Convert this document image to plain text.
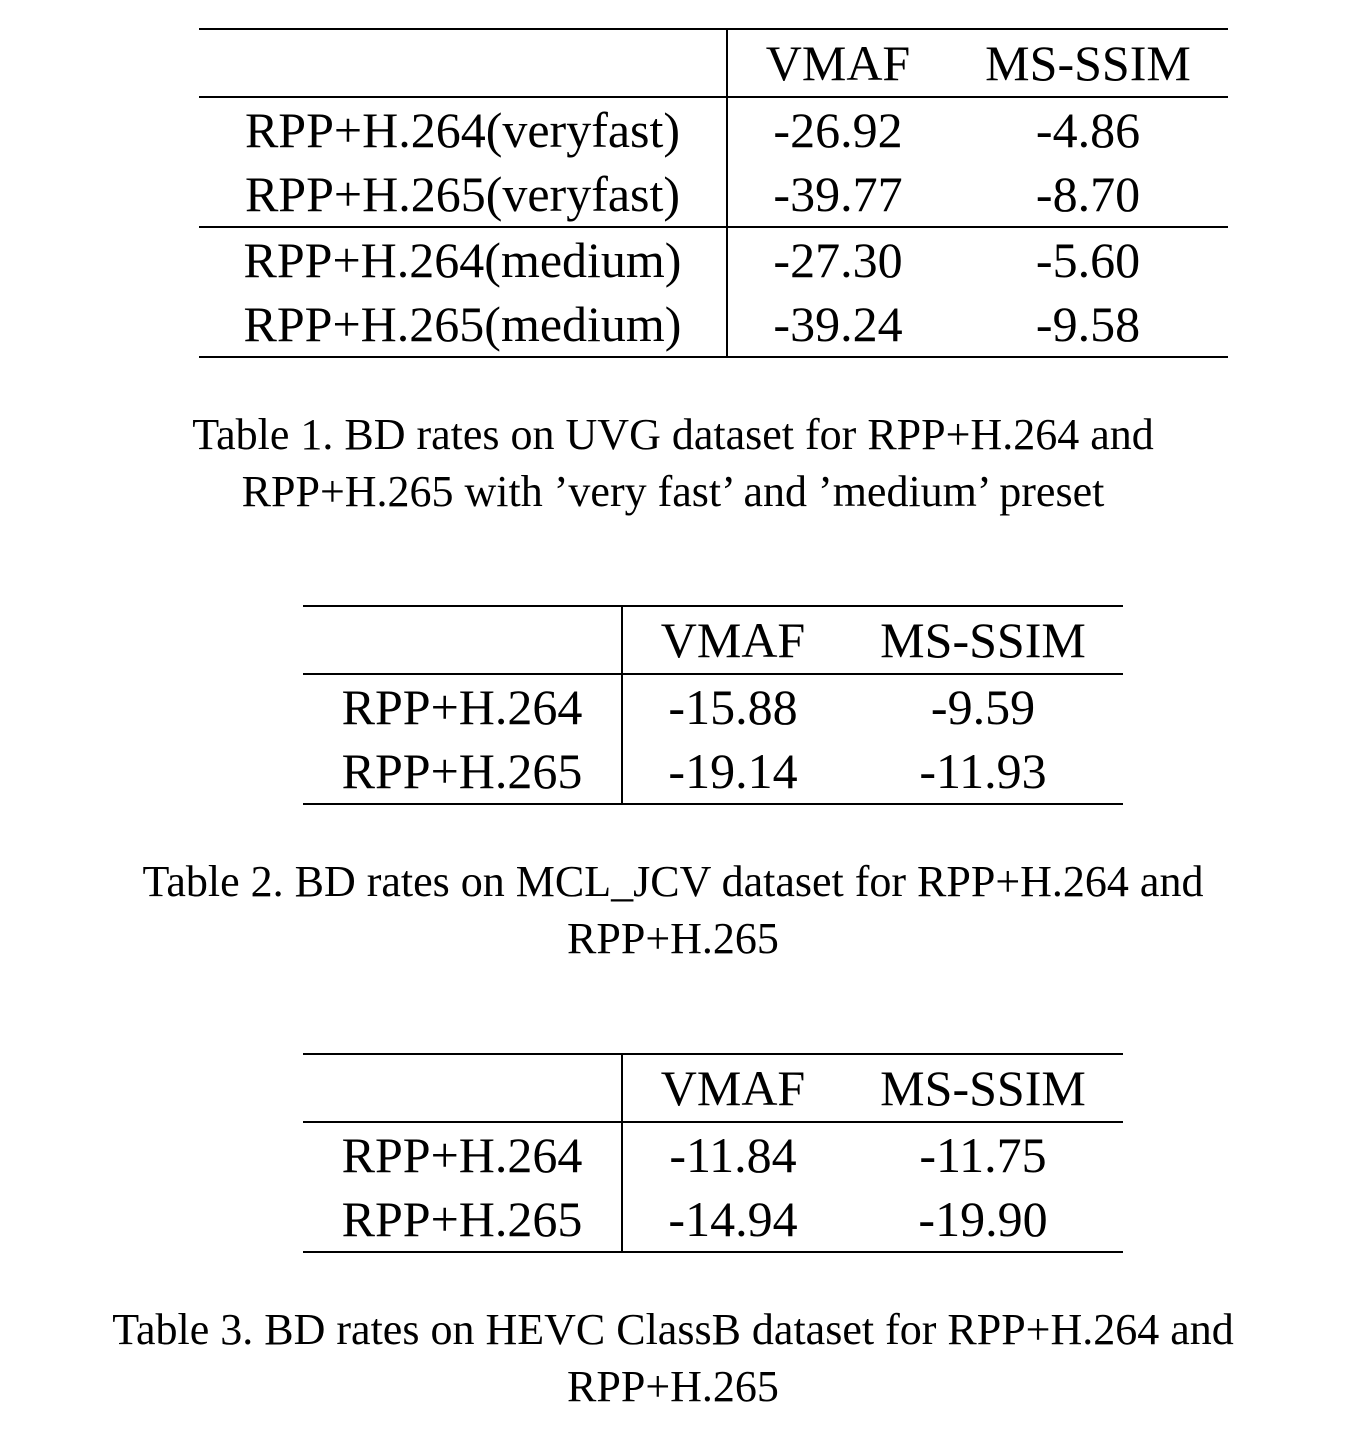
	VMAF	MS-SSIM
RPP+H.264(veryfast)	-26.92	-4.86
RPP+H.265(veryfast)	-39.77	-8.70
RPP+H.264(medium)	-27.30	-5.60
RPP+H.265(medium)	-39.24	-9.58
Table 1. BD rates on UVG dataset for RPP+H.264 and
RPP+H.265 with ’very fast’ and ’medium’ preset
	VMAF	MS-SSIM
RPP+H.264	-15.88	-9.59
RPP+H.265	-19.14	-11.93
Table 2. BD rates on MCL_JCV dataset for RPP+H.264 and
RPP+H.265
	VMAF	MS-SSIM
RPP+H.264	-11.84	-11.75
RPP+H.265	-14.94	-19.90
Table 3. BD rates on HEVC ClassB dataset for RPP+H.264 and
RPP+H.265
